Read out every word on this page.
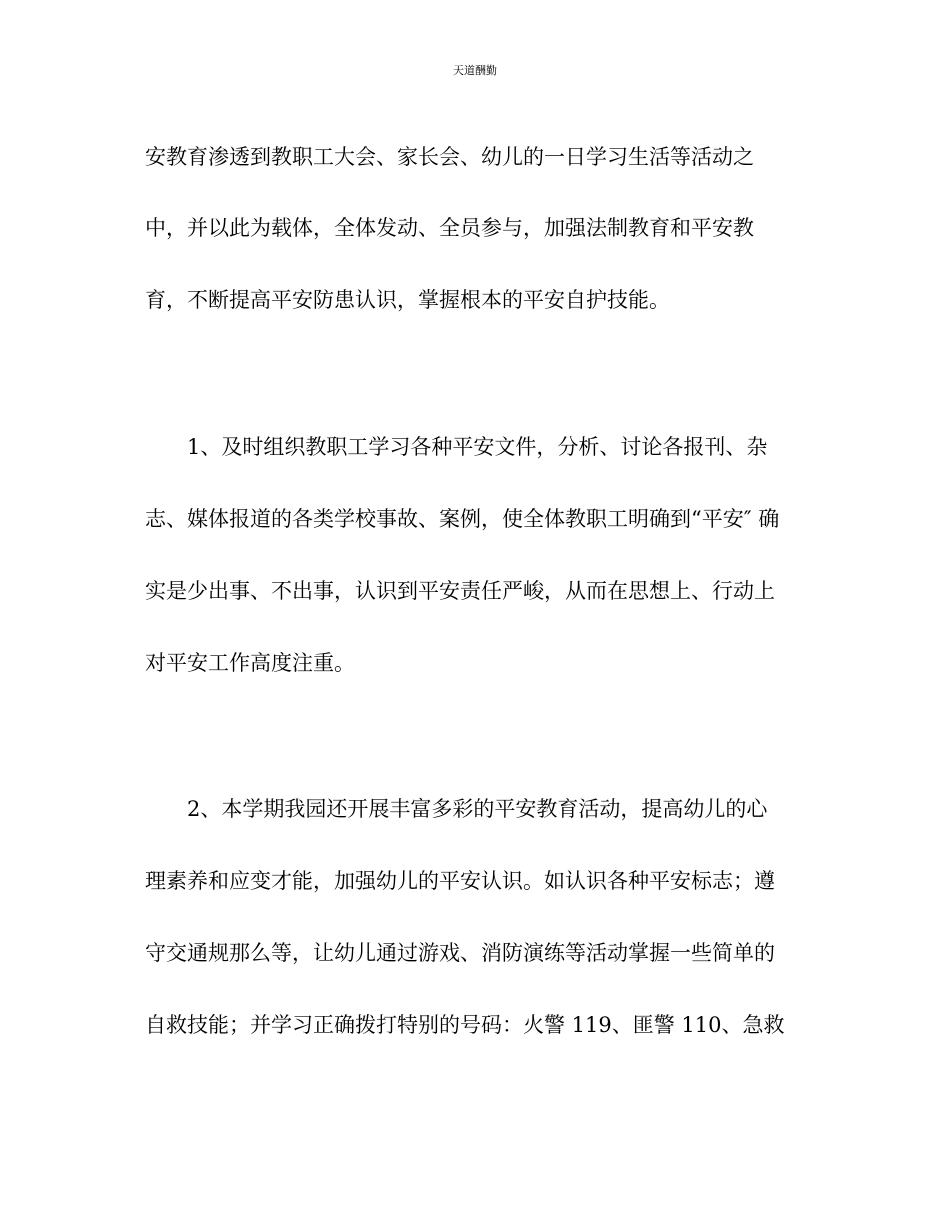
天道酬勤
安教育渗透到教职工大会、家长会、幼儿的一日学习生活等活动之
中，并以此为载体，全体发动、全员参与，加强法制教育和平安教
育，不断提高平安防患认识，掌握根本的平安自护技能。
1、及时组织教职工学习各种平安文件，分析、讨论各报刊、杂
志、媒体报道的各类学校事故、案例，使全体教职工明确到“平安″ 确
实是少出事、不出事，认识到平安责任严峻，从而在思想上、行动上
对平安工作高度注重。
2、本学期我园还开展丰富多彩的平安教育活动，提高幼儿的心
理素养和应变才能，加强幼儿的平安认识。如认识各种平安标志；遵
守交通规那么等，让幼儿通过游戏、消防演练等活动掌握一些简单的
自救技能；并学习正确拨打特别的号码：火警 119、匪警 110、急救
